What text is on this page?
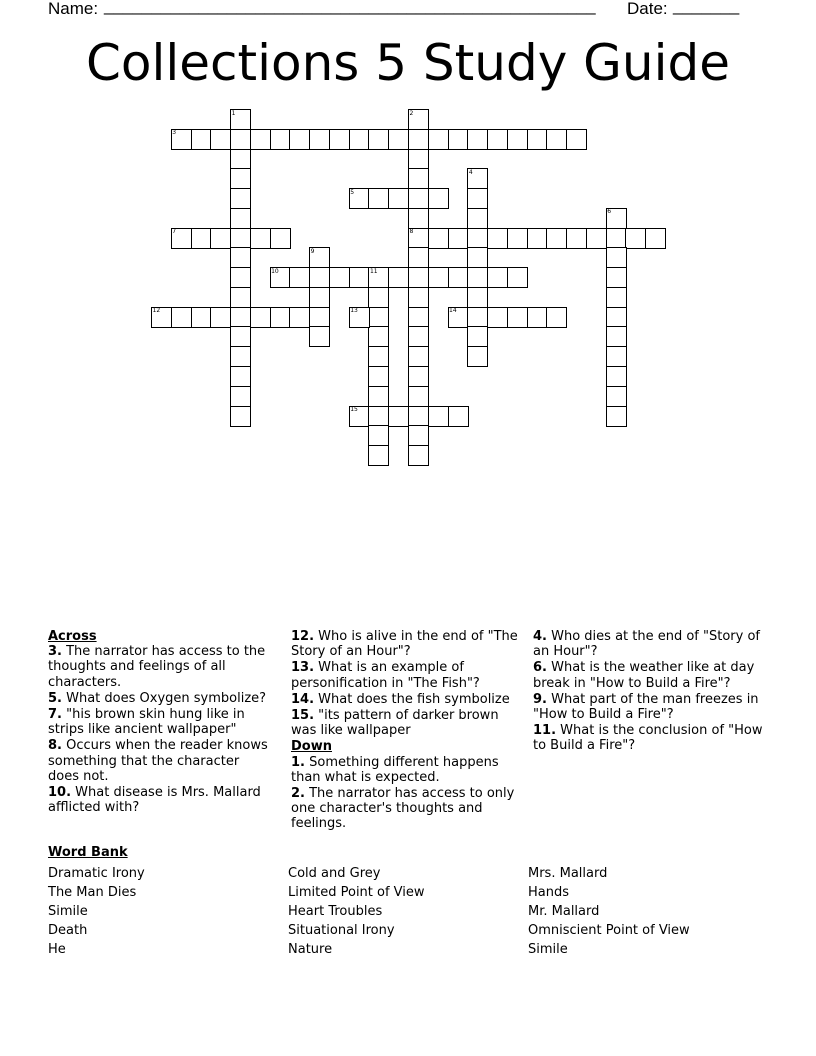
Name: ____________________________________________________ Date: _______
Collections 5 Study Guide
1	2
3
4
5
6
7	8
9
10	11
12	13	14
15
Across
3. The narrator has access to the thoughts and feelings of all characters.
5. What does Oxygen symbolize?
7. "his brown skin hung like in strips like ancient wallpaper"
8. Occurs when the reader knows something that the character does not.
10. What disease is Mrs. Mallard afflicted with?
12. Who is alive in the end of "The Story of an Hour"?
13. What is an example of personification in "The Fish"?
14. What does the fish symbolize
15. "its pattern of darker brown was like wallpaper
Down
1. Something different happens than what is expected.
2. The narrator has access to only one character's thoughts and feelings.
4. Who dies at the end of "Story of an Hour"?
6. What is the weather like at day break in "How to Build a Fire"?
9. What part of the man freezes in "How to Build a Fire"?
11. What is the conclusion of "How to Build a Fire"?
Word Bank
Dramatic Irony
The Man Dies
Simile
Death
He
Cold and Grey
Limited Point of View
Heart Troubles
Situational Irony
Nature
Mrs. Mallard
Hands
Mr. Mallard
Omniscient Point of View
Simile
